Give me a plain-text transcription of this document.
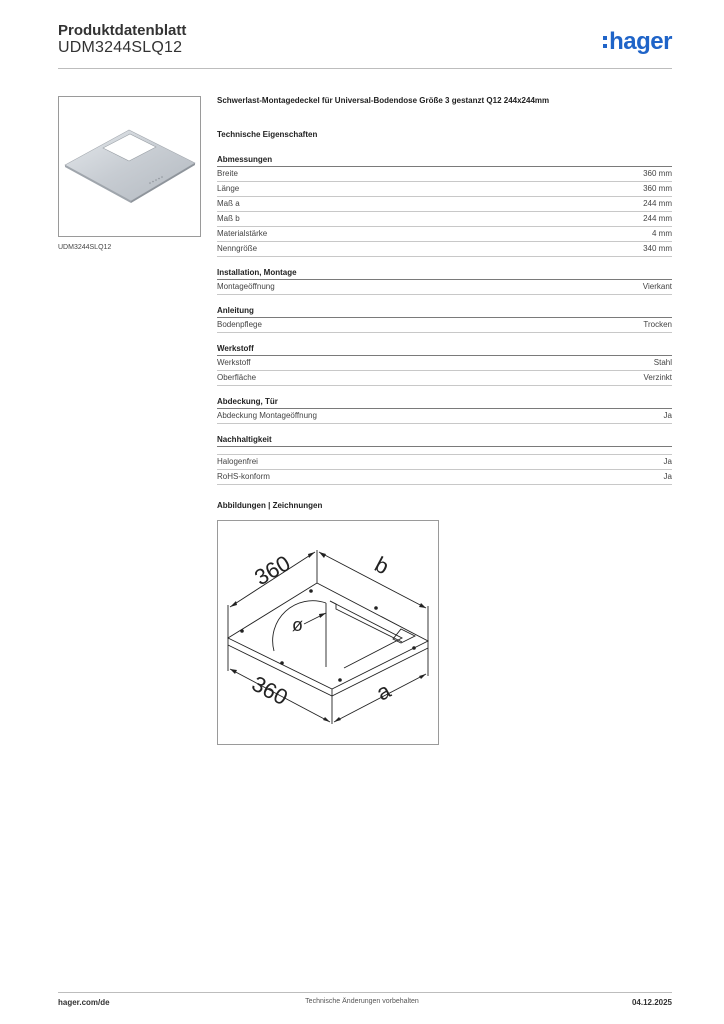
Produktdatenblatt
UDM3244SLQ12	hager
UDM3244SLQ12
Schwerlast-Montagedeckel für Universal-Bodendose Größe 3 gestanzt Q12 244x244mm
Technische Eigenschaften
Abmessungen
Breite	360 mm
Länge	360 mm
Maß a	244 mm
Maß b	244 mm
Materialstärke	4 mm
Nenngröße	340 mm
Installation, Montage
Montageöffnung	Vierkant
Anleitung
Bodenpflege	Trocken
Werkstoff
Werkstoff	Stahl
Oberfläche	Verzinkt
Abdeckung, Tür
Abdeckung Montageöffnung	Ja
Nachhaltigkeit
Halogenfrei	Ja
RoHS-konform	Ja
Abbildungen | Zeichnungen
360	b
360	a
ø
hager.com/de	Technische Änderungen vorbehalten	04.12.2025
